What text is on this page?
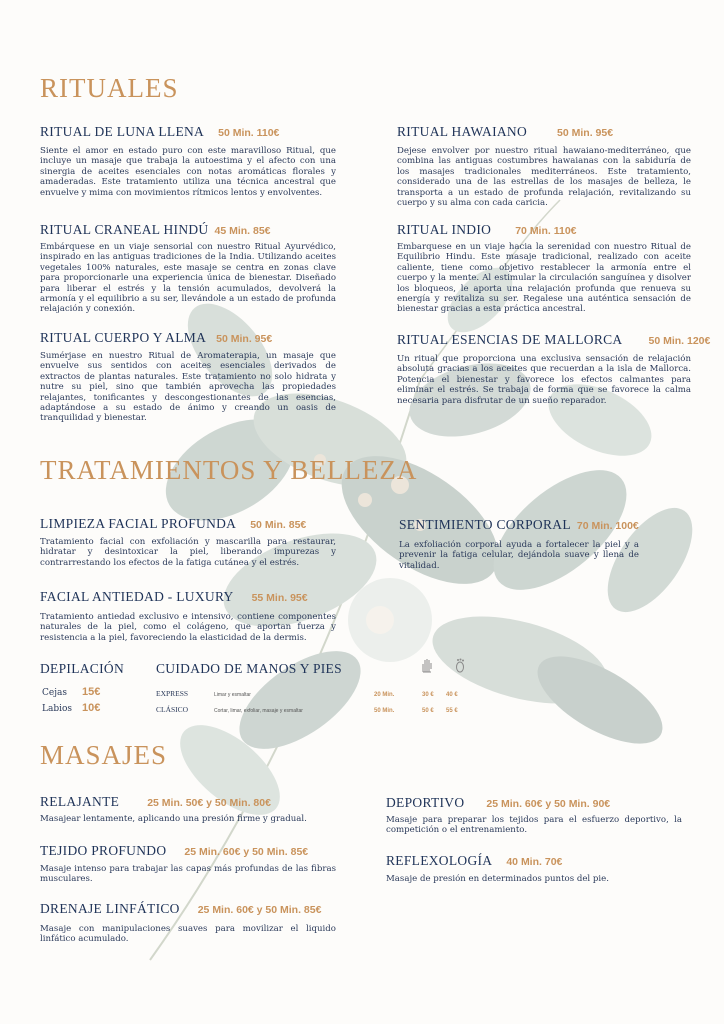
RITUALES
RITUAL DE LUNA LLENA 50 Min. 110€

Siente el amor en estado puro con este maravilloso Ritual, que incluye un masaje que trabaja la autoestima y el afecto con una sinergia de aceites esenciales con notas aromáticas florales y amaderadas. Este tratamiento utiliza una técnica ancestral que envuelve y mima con movimientos rítmicos lentos y envolventes.

RITUAL HAWAIANO	50 Min. 95€

Dejese envolver por nuestro ritual hawaiano-mediterráneo, que combina las antiguas costumbres hawaianas con la sabiduría de los masajes tradicionales mediterráneos. Este tratamiento, considerado una de las estrellas de los masajes de belleza, le transporta a un estado de profunda relajación, revitalizando su cuerpo y su alma con cada caricia.

RITUAL CRANEAL HINDÚ 45 Min. 85€

Embárquese en un viaje sensorial con nuestro Ritual Ayurvédico, inspirado en las antiguas tradiciones de la India. Utilizando aceites vegetales 100% naturales, este masaje se centra en zonas clave para proporcionarle una experiencia única de bienestar. Diseñado para liberar el estrés y la tensión acumulados, devolverá la armonía y el equilibrio a su ser, llevándole a un estado de profunda relajación y conexión.

RITUAL INDIO 70 Min. 110€

Embarquese en un viaje hacia la serenidad con nuestro Ritual de Equilibrio Hindu. Este masaje tradicional, realizado con aceite caliente, tiene como objetivo restablecer la armonía entre el cuerpo y la mente. Al estimular la circulación sanguínea y disolver los bloqueos, le aporta una relajación profunda que renueva su energía y revitaliza su ser. Regalese una auténtica sensación de bienestar gracias a esta práctica ancestral.

RITUAL CUERPO Y ALMA 50 Min. 95€

Sumérjase en nuestro Ritual de Aromaterapia, un masaje que envuelve sus sentidos con aceites esenciales derivados de extractos de plantas naturales. Este tratamiento no solo hidrata y nutre su piel, sino que también aprovecha las propiedades relajantes, tonificantes y descongestionantes de las esencias, adaptándose a su estado de ánimo y creando un oasis de tranquilidad y bienestar.

RITUAL ESENCIAS DE MALLORCA 50 Min. 120€

Un ritual que proporciona una exclusiva sensación de relajación absoluta gracias a los aceites que recuerdan a la isla de Mallorca. Potencia el bienestar y favorece los efectos calmantes para eliminar el estrés. Se trabaja de forma que se favorece la calma necesaria para disfrutar de un sueño reparador.

TRATAMIENTOS Y BELLEZA
LIMPIEZA FACIAL PROFUNDA 50 Min. 85€

Tratamiento facial con exfoliación y mascarilla para restaurar, hidratar y desintoxicar la piel, liberando impurezas y contrarrestando los efectos de la fatiga cutánea y el estrés.

SENTIMIENTO CORPORAL 70 Min. 100€

La exfoliación corporal ayuda a fortalecer la piel y a prevenir la fatiga celular, dejándola suave y llena de vitalidad.

FACIAL ANTIEDAD - LUXURY 55 Min. 95€

Tratamiento antiedad exclusivo e intensivo, contiene componentes naturales de la piel, como el colágeno, que aportan fuerza y resistencia a la piel, favoreciendo la elasticidad de la dermis.

DEPILACIÓN
Cejas 15€
Labios 10€
CUIDADO DE MANOS Y PIES
EXPRESS	Limar y esmaltar	20 Min.	30 € 40 €
CLÁSICO	Cortar, limar, exfoliar, masaje y esmaltar	50 Min.	50 € 55 €
MASAJES
RELAJANTE	25 Min. 50€ y 50 Min. 80€

Masajear lentamente, aplicando una presión firme y gradual.

DEPORTIVO 25 Min. 60€ y 50 Min. 90€

Masaje para preparar los tejidos para el esfuerzo deportivo, la competición o el entrenamiento.

TEJIDO PROFUNDO 25 Min. 60€ y 50 Min. 85€

Masaje intenso para trabajar las capas más profundas de las fibras musculares.

REFLEXOLOGÍA 40 Min. 70€

Masaje de presión en determinados puntos del pie.

DRENAJE LINFÁTICO 25 Min. 60€ y 50 Min. 85€

Masaje con manipulaciones suaves para movilizar el liquido linfático acumulado.
